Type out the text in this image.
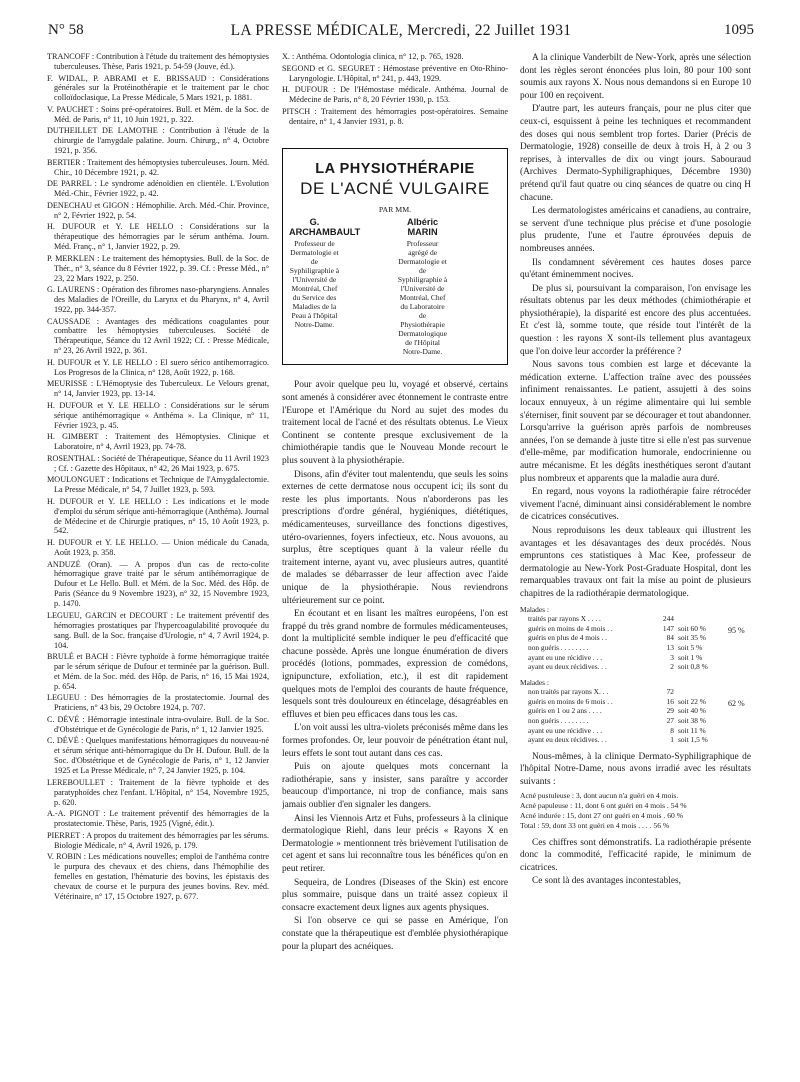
N° 58	LA PRESSE MÉDICALE, Mercredi, 22 Juillet 1931	1095

TRANCOFF : Contribution à l'étude du traitement des hémoptysies tuberculeuses. Thèse, Paris 1921, p. 54-59 (Jouve, éd.).

F. WIDAL, P. ABRAMI et E. BRISSAUD : Considérations générales sur la Protéinothérapie et le traitement par le choc colloïdoclasique, La Presse Médicale, 5 Mars 1921, p. 1881.

V. PAUCHET : Soins pré-opératoires. Bull. et Mém. de la Soc. de Méd. de Paris, n° 11, 10 Juin 1921, p. 322.

DUTHEILLET DE LAMOTHE : Contribution à l'étude de la chirurgie de l'amygdale palatine. Journ. Chirurg., n° 4, Octobre 1921, p. 356.

BERTIER : Traitement des hémoptysies tuberculeuses. Journ. Méd. Chir., 10 Décembre 1921, p. 42.

DE PARREL : Le syndrome adénoïdien en clientèle. L'Evolution Méd.-Chir., Février 1922, p. 42.

DENECHAU et GIGON : Hémophilie. Arch. Méd.-Chir. Province, n° 2, Février 1922, p. 54.

H. DUFOUR et Y. LE HELLO : Considérations sur la thérapeutique des hémorragies par le sérum anthéma. Journ. Méd. Franç., n° 1, Janvier 1922, p. 29.

P. MERKLEN : Le traitement des hémoptysies. Bull. de la Soc. de Thér., n° 3, séance du 8 Février 1922, p. 39. Cf. : Presse Méd., n° 23, 22 Mars 1922, p. 250.

G. LAURENS : Opération des fibromes naso-pharyngiens. Annales des Maladies de l'Oreille, du Larynx et du Pharynx, n° 4, Avril 1922, pp. 344-357.

CAUSSADE : Avantages des médications coagulantes pour combattre les hémoptysies tuberculeuses. Société de Thérapeutique, Séance du 12 Avril 1922; Cf. : Presse Médicale, n° 23, 26 Avril 1922, p. 361.

H. DUFOUR et Y. LE HELLO : El suero sérico antihemorragico. Los Progresos de la Clinica, n° 128, Août 1922, p. 168.

MEURISSE : L'Hémoptysie des Tuberculeux. Le Velours grenat, n° 14, Janvier 1923, pp. 13-14.

H. DUFOUR et Y. LE HELLO : Considérations sur le sérum sérique antihémorragique « Anthéma ». La Clinique, n° 11, Février 1923, p. 45.

H. GIMBERT : Traitement des Hémoptysies. Clinique et Laboratoire, n° 4, Avril 1923, pp. 74-78.

ROSENTHAL : Société de Thérapeutique, Séance du 11 Avril 1923 ; Cf. : Gazette des Hôpitaux, n° 42, 26 Mai 1923, p. 675.

MOULONGUET : Indications et Technique de l'Amygdalectomie. La Presse Médicale, n° 54, 7 Juillet 1923, p. 593.

H. DUFOUR et Y. LE HELLO : Les indications et le mode d'emploi du sérum sérique anti-hémorragique (Anthéma). Journal de Médecine et de Chirurgie pratiques, n° 15, 10 Août 1923, p. 542.

H. DUFOUR et Y. LE HELLO. — Union médicale du Canada, Août 1923, p. 358.

ANDUZÉ (Oran). — A propos d'un cas de recto-colite hémorragique grave traité par le sérum antihémorragique de Dufour et Le Hello. Bull. et Mém. de la Soc. Méd. des Hôp. de Paris (Séance du 9 Novembre 1923), n° 32, 15 Novembre 1923, p. 1470.

LEGUEU, GARCIN et DECOURT : Le traitement préventif des hémorragies prostatiques par l'hypercoagulabilité provoquée du sang. Bull. de la Soc. française d'Urologie, n° 4, 7 Avril 1924, p. 104.

BRULÉ et BACH : Fièvre typhoïde à forme hémorragique traitée par le sérum sérique de Dufour et terminée par la guérison. Bull. et Mém. de la Soc. méd. des Hôp. de Paris, n° 16, 15 Mai 1924, p. 654.

LEGUEU : Des hémorragies de la prostatectomie. Journal des Praticiens, n° 43 bis, 29 Octobre 1924, p. 707.

C. DÉVÉ : Hémorragie intestinale intra-ovulaire. Bull. de la Soc. d'Obstétrique et de Gynécologie de Paris, n° 1, 12 Janvier 1925.

C. DÉVÉ : Quelques manifestations hémorragiques du nouveau-né et sérum sérique anti-hémorragique du Dr H. Dufour. Bull. de la Soc. d'Obstétrique et de Gynécologie de Paris, n° 1, 12 Janvier 1925 et La Presse Médicale, n° 7, 24 Janvier 1925, p. 104.

LEREBOULLET : Traitement de la fièvre typhoïde et des paratyphoïdes chez l'enfant. L'Hôpital, n° 154, Novembre 1925, p. 620.

A.-A. PIGNOT : Le traitement préventif des hémorragies de la prostatectomie. Thèse, Paris, 1925 (Vigné, édit.).

PIERRET : A propos du traitement des hémorragies par les sérums. Biologie Médicale, n° 4, Avril 1926, p. 179.

V. ROBIN : Les médications nouvelles; emploi de l'anthéma contre le purpura des chevaux et des chiens, dans l'hémophilie des femelles en gestation, l'hématurie des bovins, les épistaxis des chevaux de course et le purpura des jeunes bovins. Rev. méd. Vétérinaire, n° 17, 15 Octobre 1927, p. 677.

X. : Anthéma. Odontologia clinica, n° 12, p. 765, 1928.

SEGOND et G. SEGURET : Hémostase préventive en Oto-Rhino-Laryngologie. L'Hôpital, n° 241, p. 443, 1929.

H. DUFOUR : De l'Hémostase médicale. Anthéma. Journal de Médecine de Paris, n° 8, 20 Février 1930, p. 153.

PITSCH : Traitement des hémorragies post-opératoires. Semaine dentaire, n° 1, 4 Janvier 1931, p. 8.

LA PHYSIOTHÉRAPIE
DE L'ACNÉ VULGAIRE
PAR MM.
G. ARCHAMBAULT
Professeur de Dermatologie et de Syphiligraphie à l'Université de Montréal, Chef du Service des Maladies de la Peau à l'hôpital Notre-Dame.
Albéric MARIN
Professeur agrégé de Dermatologie et de Syphiligraphie à l'Université de Montréal, Chef du Laboratoire de Physiothérapie Dermatologique de l'Hôpital Notre-Dame.

Pour avoir quelque peu lu, voyagé et observé, certains sont amenés à considérer avec étonnement le contraste entre l'Europe et l'Amérique du Nord au sujet des modes du traitement local de l'acné et des résultats obtenus. Le Vieux Continent se contente presque exclusivement de la chimiothérapie tandis que le Nouveau Monde recourt le plus souvent à la physiothérapie.

Disons, afin d'éviter tout malentendu, que seuls les soins externes de cette dermatose nous occupent ici; ils sont du reste les plus importants. Nous n'aborderons pas les prescriptions d'ordre général, hygiéniques, diététiques, médicamenteuses, surveillance des fonctions digestives, utéro-ovariennes, foyers infectieux, etc. Nous avouons, au surplus, être sceptiques quant à la valeur réelle du traitement interne, ayant vu, avec plusieurs autres, quantité de malades se débarrasser de leur affection avec l'aide unique de la physiothérapie. Nous reviendrons ultérieurement sur ce point.

En écoutant et en lisant les maîtres européens, l'on est frappé du très grand nombre de formules médicamenteuses, dont la multiplicité semble indiquer le peu d'efficacité que chacune possède. Après une longue énumération de divers procédés (lotions, pommades, expression de comédons, ignipuncture, exfoliation, etc.), il est dit rapidement quelques mots de l'emploi des courants de haute fréquence, lesquels sont très douloureux en étincelage, désagréables en effluves et bien peu efficaces dans tous les cas.

L'on voit aussi les ultra-violets préconisés même dans les formes profondes. Or, leur pouvoir de pénétration étant nul, leurs effets le sont tout autant dans ces cas.

Puis on ajoute quelques mots concernant la radiothérapie, sans y insister, sans paraître y accorder beaucoup d'importance, ni trop de confiance, mais sans jamais oublier d'en signaler les dangers.

Ainsi les Viennois Artz et Fuhs, professeurs à la clinique dermatologique Riehl, dans leur précis « Rayons X en Dermatologie » mentionnent très brièvement l'utilisation de cet agent et sans lui reconnaître tous les bénéfices qu'on en peut retirer.

Sequeira, de Londres (Diseases of the Skin) est encore plus sommaire, puisque dans un traité assez copieux il consacre exactement deux lignes aux agents physiques.

Si l'on observe ce qui se passe en Amérique, l'on constate que la thérapeutique est d'emblée physiothérapique pour la plupart des acnéiques.

A la clinique Vanderbilt de New-York, après une sélection dont les règles seront énoncées plus loin, 80 pour 100 sont soumis aux rayons X. Nous nous demandons si en Europe 10 pour 100 en reçoivent.

D'autre part, les auteurs français, pour ne plus citer que ceux-ci, esquissent à peine les techniques et recommandent des doses qui nous semblent trop fortes. Darier (Précis de Dermatologie, 1928) conseille de deux à trois H, à 2 ou 3 reprises, à intervalles de dix ou vingt jours. Sabouraud (Archives Dermato-Syphiligraphiques, Décembre 1930) prétend qu'il faut quatre ou cinq séances de quatre ou cinq H chacune.

Les dermatologistes américains et canadiens, au contraire, se servent d'une technique plus précise et d'une posologie plus prudente, l'une et l'autre éprouvées depuis de nombreuses années.

Ils condamnent sévèrement ces hautes doses parce qu'étant éminemment nocives.

De plus si, poursuivant la comparaison, l'on envisage les résultats obtenus par les deux méthodes (chimiothérapie et physiothérapie), la disparité est encore des plus accentuées. Et c'est là, somme toute, que réside tout l'intérêt de la question : les rayons X sont-ils tellement plus avantageux que l'on doive leur accorder la préférence ?

Nous savons tous combien est large et décevante la médication externe. L'affection traîne avec des poussées infiniment renaissantes. Le patient, assujetti à des soins locaux ennuyeux, à un régime alimentaire qui lui semble s'éterniser, finit souvent par se décourager et tout abandonner. Lorsqu'arrive la guérison après parfois de nombreuses années, l'on se demande à juste titre si elle n'est pas survenue d'elle-même, par modification humorale, endocrinienne ou autre mécanisme. Et les dégâts inesthétiques seront d'autant plus nombreux et apparents que la maladie aura duré.

En regard, nous voyons la radiothérapie faire rétrocéder vivement l'acné, diminuant ainsi considérablement le nombre de cicatrices consécutives.

Nous reproduisons les deux tableaux qui illustrent les avantages et les désavantages des deux procédés. Nous empruntons ces statistiques à Mac Kee, professeur de dermatologie au New-York Post-Graduate Hospital, dont les remarquables travaux ont fait la mise au point de plusieurs chapitres de la radiothérapie dermatologique.

Malades :
traités par rayons X . . . .	244
guéris en moins de 4 mois . .	147 soit 60 %
guéris en plus de 4 mois . .	84 soit 35 %
non guéris . . . . . . . .	13 soit 5 %
ayant eu une récidive . . .	3 soit 1 %
ayant eu deux récidives. . .	2 soit 0,8 %
95 %
Malades :
non traités par rayons X. . .	72
guéris en moins de 6 mois . .	16 soit 22 %
guéris en 1 ou 2 ans . . . .	29 soit 40 %
non guéris . . . . . . . .	27 soit 38 %
ayant eu une récidive . . .	8 soit 11 %
ayant eu deux récidives. . .	1 soit 1,5 %
62 %

Nous-mêmes, à la clinique Dermato-Syphiligraphique de l'hôpital Notre-Dame, nous avons irradié avec les résultats suivants :

Acné pustuleuse : 3, dont aucun n'a guéri en 4 mois.
Acné papuleuse : 11, dont 6 ont guéri en 4 mois . 54 %
Acné indurée : 15, dont 27 ont guéri en 4 mois . 60 %
Total : 59, dont 33 ont guéri en 4 mois . . . . 56 %

Ces chiffres sont démonstratifs. La radiothérapie présente donc la commodité, l'efficacité rapide, le minimum de cicatrices.

Ce sont là des avantages incontestables,
